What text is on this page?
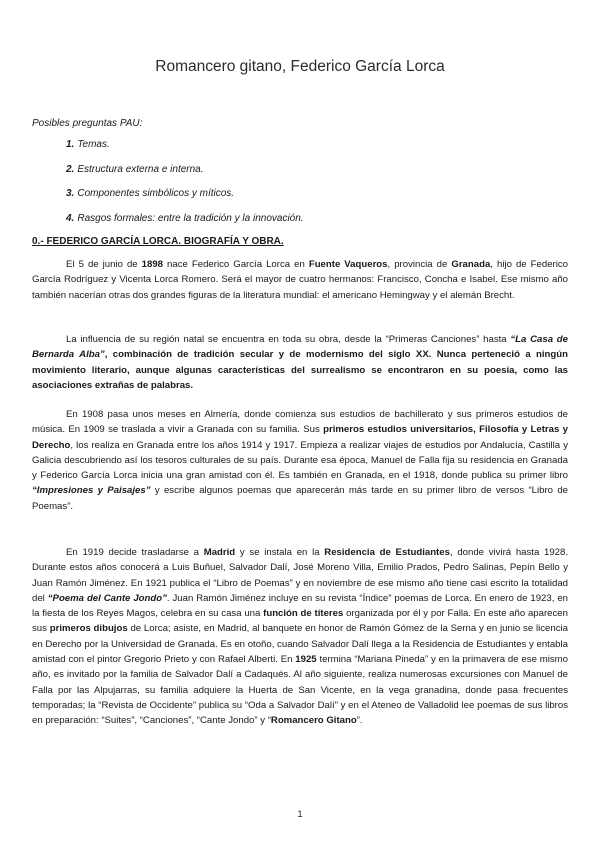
Romancero gitano, Federico García Lorca
Posibles preguntas PAU:
1. Temas.
2. Estructura externa e interna.
3. Componentes simbólicos y míticos.
4. Rasgos formales: entre la tradición y la innovación.
0.- FEDERICO GARCÍA LORCA. BIOGRAFÍA Y OBRA.

El 5 de junio de 1898 nace Federico García Lorca en Fuente Vaqueros, provincia de Granada, hijo de Federico García Rodríguez y Vicenta Lorca Romero. Será el mayor de cuatro hermanos: Francisco, Concha e Isabel. Ese mismo año también nacerían otras dos grandes figuras de la literatura mundial: el americano Hemingway y el alemán Brecht.

La influencia de su región natal se encuentra en toda su obra, desde la “Primeras Canciones” hasta “La Casa de Bernarda Alba”, combinación de tradición secular y de modernismo del siglo XX. Nunca perteneció a ningún movimiento literario, aunque algunas características del surrealismo se encontraron en su poesía, como las asociaciones extrañas de palabras.

En 1908 pasa unos meses en Almería, donde comienza sus estudios de bachillerato y sus primeros estudios de música. En 1909 se traslada a vivir a Granada con su familia. Sus primeros estudios universitarios, Filosofía y Letras y Derecho, los realiza en Granada entre los años 1914 y 1917. Empieza a realizar viajes de estudios por Andalucía, Castilla y Galicia descubriendo así los tesoros culturales de su país. Durante esa época, Manuel de Falla fija su residencia en Granada y Federico García Lorca inicia una gran amistad con él. Es también en Granada, en el 1918, donde publica su primer libro “Impresiones y Paisajes” y escribe algunos poemas que aparecerán más tarde en su primer libro de versos “Libro de Poemas”.

En 1919 decide trasladarse a Madrid y se instala en la Residencia de Estudiantes, donde vivirá hasta 1928. Durante estos años conocerá a Luis Buñuel, Salvador Dalí, José Moreno Villa, Emilio Prados, Pedro Salinas, Pepín Bello y Juan Ramón Jiménez. En 1921 publica el “Libro de Poemas” y en noviembre de ese mismo año tiene casi escrito la totalidad del “Poema del Cante Jondo”. Juan Ramón Jiménez incluye en su revista “Índice” poemas de Lorca. En enero de 1923, en la fiesta de los Reyes Magos, celebra en su casa una función de títeres organizada por él y por Falla. En este año aparecen sus primeros dibujos de Lorca; asiste, en Madrid, al banquete en honor de Ramón Gómez de la Serna y en junio se licencia en Derecho por la Universidad de Granada. Es en otoño, cuando Salvador Dalí llega a la Residencia de Estudiantes y entabla amistad con el pintor Gregorio Prieto y con Rafael Alberti. En 1925 termina “Mariana Pineda” y en la primavera de ese mismo año, es invitado por la familia de Salvador Dalí a Cadaqués. Al año siguiente, realiza numerosas excursiones con Manuel de Falla por las Alpujarras, su familia adquiere la Huerta de San Vicente, en la vega granadina, donde pasa frecuentes temporadas; la “Revista de Occidente” publica su “Oda a Salvador Dalí” y en el Ateneo de Valladolid lee poemas de sus libros en preparación: “Suites”, “Canciones”, “Cante Jondo” y “Romancero Gitano”.

1
